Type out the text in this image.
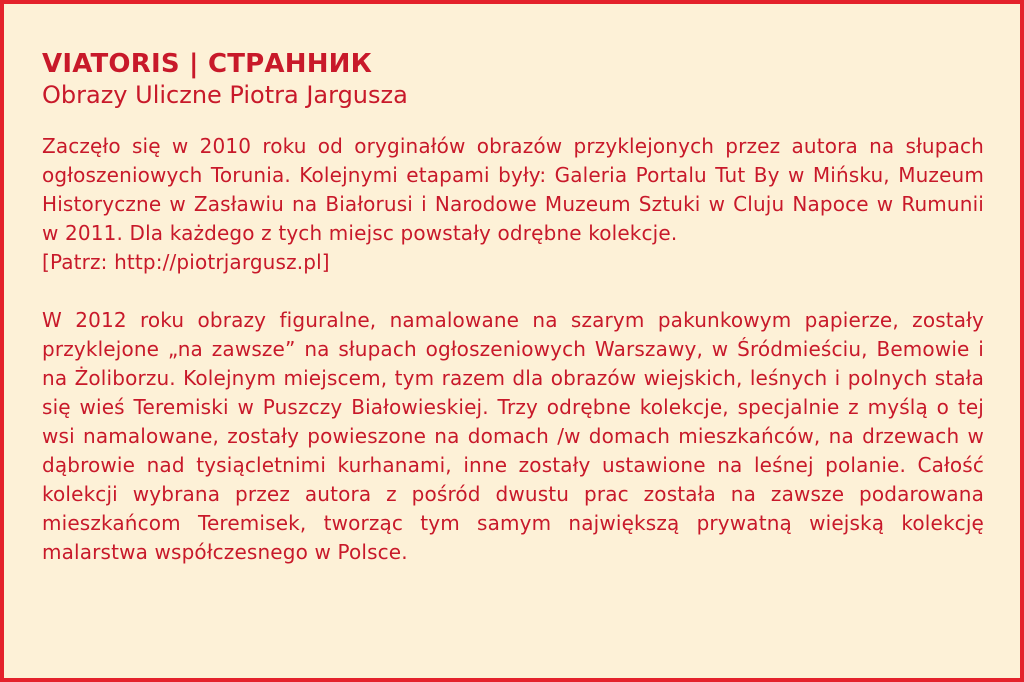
VIATORIS | СТРАННИК
Obrazy Uliczne Piotra Jargusza

Zaczęło się w 2010 roku od oryginałów obrazów przyklejonych przez autora na słupach ogłoszeniowych Torunia. Kolejnymi etapami były: Galeria Portalu Tut By w Mińsku, Muzeum Historyczne w Zasławiu na Białorusi i Narodowe Muzeum Sztuki w Cluju Napoce w Rumunii w 2011. Dla każdego z tych miejsc powstały odrębne kolekcje.

[Patrz: http://piotrjargusz.pl]

W 2012 roku obrazy figuralne, namalowane na szarym pakunkowym papierze, zostały przyklejone „na zawsze” na słupach ogłoszeniowych Warszawy, w Śródmieściu, Bemowie i na Żoliborzu. Kolejnym miejscem, tym razem dla obrazów wiejskich, leśnych i polnych stała się wieś Teremiski w Puszczy Białowieskiej. Trzy odrębne kolekcje, specjalnie z myślą o tej wsi namalowane, zostały powieszone na domach /w domach mieszkańców, na drzewach w dąbrowie nad tysiącletnimi kurhanami, inne zostały ustawione na leśnej polanie. Całość kolekcji wybrana przez autora z pośród dwustu prac została na zawsze podarowana mieszkańcom Teremisek, tworząc tym samym największą prywatną wiejską kolekcję malarstwa współczesnego w Polsce.
